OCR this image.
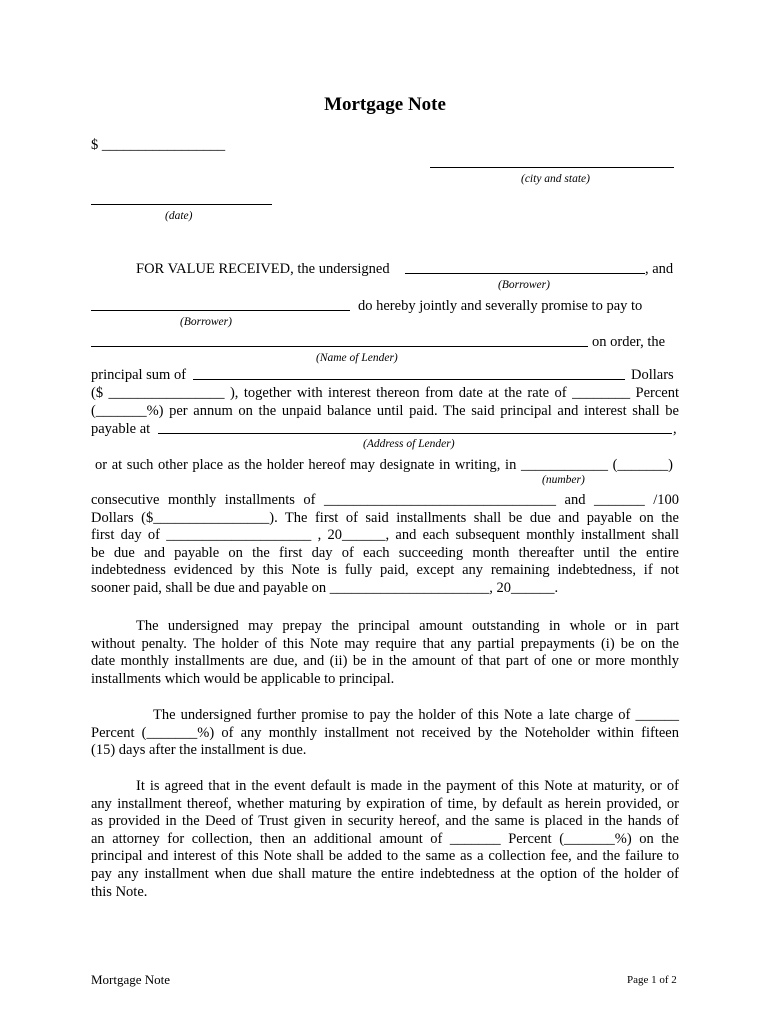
Mortgage Note
$ _________________
(city and state)
(date)
FOR VALUE RECEIVED, the undersigned	, and
(Borrower)
do hereby jointly and severally promise to pay to
(Borrower)
on order, the
(Name of Lender)
principal sum of	Dollars
($ ________________ ), together with interest thereon from date at the rate of ________ Percent
(_______%) per annum on the unpaid balance until paid. The said principal and interest shall be
payable at	,
(Address of Lender)
or at such other place as the holder hereof may designate in writing, in ____________ (_______)
(number)
consecutive monthly installments of ________________________________ and _______ /100
Dollars ($________________). The first of said installments shall be due and payable on the
first day of ____________________ , 20______, and each subsequent monthly installment shall
be due and payable on the first day of each succeeding month thereafter until the entire
indebtedness evidenced by this Note is fully paid, except any remaining indebtedness, if not
sooner paid, shall be due and payable on ______________________, 20______.
The undersigned may prepay the principal amount outstanding in whole or in part
without penalty. The holder of this Note may require that any partial prepayments (i) be on the
date monthly installments are due, and (ii) be in the amount of that part of one or more monthly
installments which would be applicable to principal.
The undersigned further promise to pay the holder of this Note a late charge of ______
Percent (_______%) of any monthly installment not received by the Noteholder within fifteen
(15) days after the installment is due.
It is agreed that in the event default is made in the payment of this Note at maturity, or of
any installment thereof, whether maturing by expiration of time, by default as herein provided, or
as provided in the Deed of Trust given in security hereof, and the same is placed in the hands of
an attorney for collection, then an additional amount of _______ Percent (_______%) on the
principal and interest of this Note shall be added to the same as a collection fee, and the failure to
pay any installment when due shall mature the entire indebtedness at the option of the holder of
this Note.
Mortgage Note	Page 1 of 2
